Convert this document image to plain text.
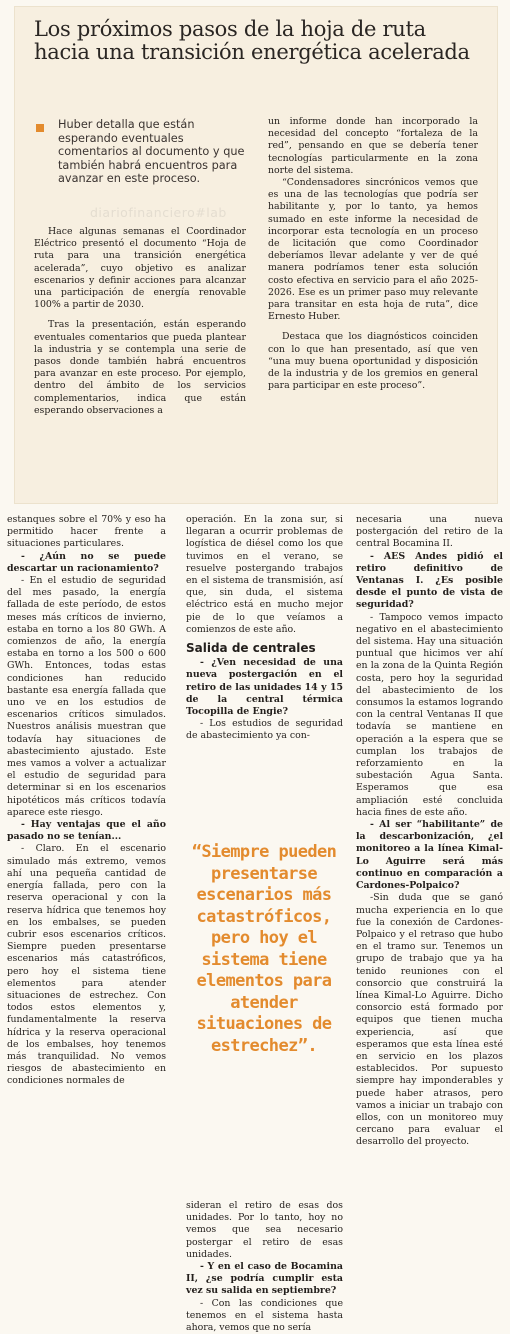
Los próximos pasos de la hoja de ruta hacia una transición energética acelerada
Huber detalla que están esperando eventuales comentarios al documento y que también habrá encuentros para avanzar en este proceso.
diariofinanciero#lab

Hace algunas semanas el Coordinador Eléctrico presentó el documento “Hoja de ruta para una transición energética acelerada”, cuyo objetivo es analizar escenarios y definir acciones para alcanzar una participación de energía renovable 100% a partir de 2030.

Tras la presentación, están esperando eventuales comentarios que pueda plantear la industria y se contempla una serie de pasos donde también habrá encuentros para avanzar en este proceso. Por ejemplo, dentro del ámbito de los servicios complementarios, indica que están esperando observaciones a

un informe donde han incorporado la necesidad del concepto “fortaleza de la red”, pensando en que se debería tener tecnologías particularmente en la zona norte del sistema.

“Condensadores sincrónicos vemos que es una de las tecnologías que podría ser habilitante y, por lo tanto, ya hemos sumado en este informe la necesidad de incorporar esta tecnología en un proceso de licitación que como Coordinador deberíamos llevar adelante y ver de qué manera podríamos tener esta solución costo efectiva en servicio para el año 2025-2026. Ese es un primer paso muy relevante para transitar en esta hoja de ruta”, dice Ernesto Huber.

Destaca que los diagnósticos coinciden con lo que han presentado, así que ven “una muy buena oportunidad y disposición de la industria y de los gremios en general para participar en este proceso”.

estanques sobre el 70% y eso ha permitido hacer frente a situaciones particulares.

- ¿Aún no se puede descartar un racionamiento?

- En el estudio de seguridad del mes pasado, la energía fallada de este período, de estos meses más críticos de invierno, estaba en torno a los 80 GWh. A comienzos de año, la energía estaba en torno a los 500 o 600 GWh. Entonces, todas estas condiciones han reducido bastante esa energía fallada que uno ve en los estudios de escenarios críticos simulados. Nuestros análisis muestran que todavía hay situaciones de abastecimiento ajustado. Este mes vamos a volver a actualizar el estudio de seguridad para determinar si en los escenarios hipotéticos más críticos todavía aparece este riesgo.

- Hay ventajas que el año pasado no se tenían...

- Claro. En el escenario simulado más extremo, vemos ahí una pequeña cantidad de energía fallada, pero con la reserva operacional y con la reserva hídrica que tenemos hoy en los embalses, se pueden cubrir esos escenarios críticos. Siempre pueden presentarse escenarios más catastróficos, pero hoy el sistema tiene elementos para atender situaciones de estrechez. Con todos estos elementos y, fundamentalmente la reserva hídrica y la reserva operacional de los embalses, hoy tenemos más tranquilidad. No vemos riesgos de abastecimiento en condiciones normales de

operación. En la zona sur, si llegaran a ocurrir problemas de logística de diésel como los que tuvimos en el verano, se resuelve postergando trabajos en el sistema de transmisión, así que, sin duda, el sistema eléctrico está en mucho mejor pie de lo que veíamos a comienzos de este año.

Salida de centrales

- ¿Ven necesidad de una nueva postergación en el retiro de las unidades 14 y 15 de la central térmica Tocopilla de Engie?

- Los estudios de seguridad de abastecimiento ya con-

“Siempre pueden presentarse escenarios más catastróficos, pero hoy el sistema tiene elementos para atender situaciones de estrechez”.

sideran el retiro de esas dos unidades. Por lo tanto, hoy no vemos que sea necesario postergar el retiro de esas unidades.

- Y en el caso de Bocamina II, ¿se podría cumplir esta vez su salida en septiembre?

- Con las condiciones que tenemos en el sistema hasta ahora, vemos que no sería

necesaria una nueva postergación del retiro de la central Bocamina II.

- AES Andes pidió el retiro definitivo de Ventanas I. ¿Es posible desde el punto de vista de seguridad?

- Tampoco vemos impacto negativo en el abastecimiento del sistema. Hay una situación puntual que hicimos ver ahí en la zona de la Quinta Región costa, pero hoy la seguridad del abastecimiento de los consumos la estamos logrando con la central Ventanas II que todavía se mantiene en operación a la espera que se cumplan los trabajos de reforzamiento en la subestación Agua Santa. Esperamos que esa ampliación esté concluida hacia fines de este año.

- Al ser “habilitante” de la descarbonización, ¿el monitoreo a la línea Kimal-Lo Aguirre será más continuo en comparación a Cardones-Polpaico?

-Sin duda que se ganó mucha experiencia en lo que fue la conexión de Cardones-Polpaico y el retraso que hubo en el tramo sur. Tenemos un grupo de trabajo que ya ha tenido reuniones con el consorcio que construirá la línea Kimal-Lo Aguirre. Dicho consorcio está formado por equipos que tienen mucha experiencia, así que esperamos que esta línea esté en servicio en los plazos establecidos. Por supuesto siempre hay imponderables y puede haber atrasos, pero vamos a iniciar un trabajo con ellos, con un monitoreo muy cercano para evaluar el desarrollo del proyecto.
